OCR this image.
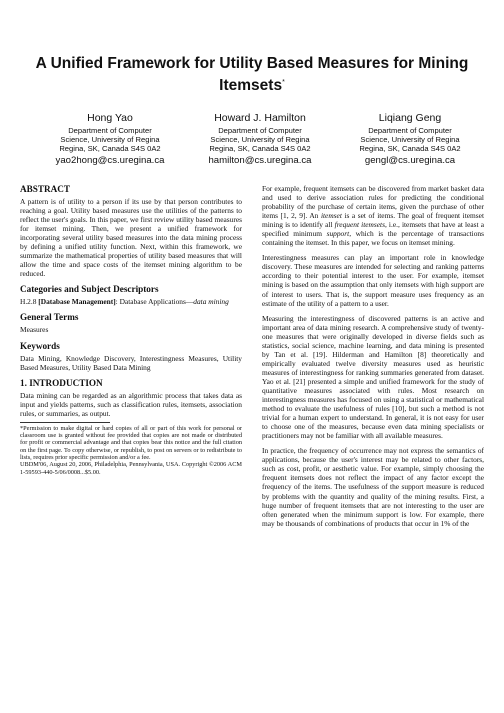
A Unified Framework for Utility Based Measures for Mining Itemsets*
Hong Yao
Department of Computer
Science, University of Regina
Regina, SK, Canada S4S 0A2
yao2hong@cs.uregina.ca
Howard J. Hamilton
Department of Computer
Science, University of Regina
Regina, SK, Canada S4S 0A2
hamilton@cs.uregina.ca
Liqiang Geng
Department of Computer
Science, University of Regina
Regina, SK, Canada S4S 0A2
gengl@cs.uregina.ca
ABSTRACT
A pattern is of utility to a person if its use by that person contributes to reaching a goal. Utility based measures use the utilities of the patterns to reflect the user's goals. In this paper, we first review utility based measures for itemset mining. Then, we present a unified framework for incorporating several utility based measures into the data mining process by defining a unified utility function. Next, within this framework, we summarize the mathematical properties of utility based measures that will allow the time and space costs of the itemset mining algorithm to be reduced.
Categories and Subject Descriptors
H.2.8 [Database Management]: Database Applications—data mining
General Terms
Measures
Keywords
Data Mining, Knowledge Discovery, Interestingness Measures, Utility Based Measures, Utility Based Data Mining
1. INTRODUCTION
Data mining can be regarded as an algorithmic process that takes data as input and yields patterns, such as classification rules, itemsets, association rules, or summaries, as output.
*Permission to make digital or hard copies of all or part of this work for personal or classroom use is granted without fee provided that copies are not made or distributed for profit or commercial advantage and that copies bear this notice and the full citation on the first page. To copy otherwise, or republish, to post on servers or to redistribute to lists, requires prior specific permission and/or a fee.
UBDM'06, August 20, 2006, Philadelphia, Pennsylvania, USA. Copyright ©2006 ACM 1-59593-440-5/06/0008...$5.00.
For example, frequent itemsets can be discovered from market basket data and used to derive association rules for predicting the conditional probability of the purchase of certain items, given the purchase of other items [1, 2, 9]. An itemset is a set of items. The goal of frequent itemset mining is to identify all frequent itemsets, i.e., itemsets that have at least a specified minimum support, which is the percentage of transactions containing the itemset. In this paper, we focus on itemset mining.
Interestingness measures can play an important role in knowledge discovery. These measures are intended for selecting and ranking patterns according to their potential interest to the user. For example, itemset mining is based on the assumption that only itemsets with high support are of interest to users. That is, the support measure uses frequency as an estimate of the utility of a pattern to a user.
Measuring the interestingness of discovered patterns is an active and important area of data mining research. A comprehensive study of twenty-one measures that were originally developed in diverse fields such as statistics, social science, machine learning, and data mining is presented by Tan et al. [19]. Hilderman and Hamilton [8] theoretically and empirically evaluated twelve diversity measures used as heuristic measures of interestingness for ranking summaries generated from dataset. Yao et al. [21] presented a simple and unified framework for the study of quantitative measures associated with rules. Most research on interestingness measures has focused on using a statistical or mathematical method to evaluate the usefulness of rules [10], but such a method is not trivial for a human expert to understand. In general, it is not easy for user to choose one of the measures, because even data mining specialists or practitioners may not be familiar with all available measures.
In practice, the frequency of occurrence may not express the semantics of applications, because the user's interest may be related to other factors, such as cost, profit, or aesthetic value. For example, simply choosing the frequent itemsets does not reflect the impact of any factor except the frequency of the items. The usefulness of the support measure is reduced by problems with the quantity and quality of the mining results. First, a huge number of frequent itemsets that are not interesting to the user are often generated when the minimum support is low. For example, there may be thousands of combinations of products that occur in 1% of the
